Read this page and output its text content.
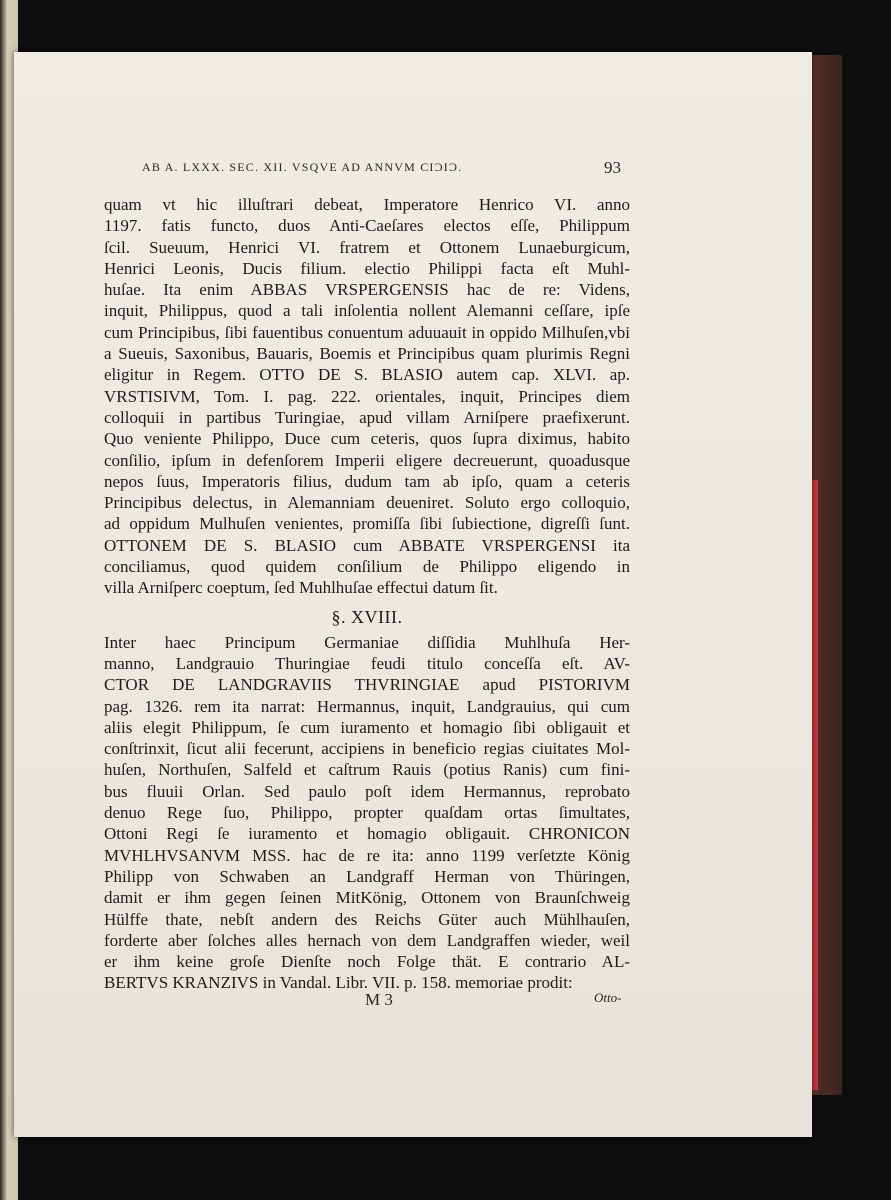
AB A. LXXX. SEC. XII. VSQVE AD ANNVM CIƆIƆ.	93
quam vt hic illuſtrari debeat, Imperatore Henrico VI. anno
1197. fatis functo, duos Anti-Caeſares electos eſſe, Philippum
ſcil. Sueuum, Henrici VI. fratrem et Ottonem Lunaeburgicum,
Henrici Leonis, Ducis filium. electio Philippi facta eſt Muhl-
huſae. Ita enim ABBAS VRSPERGENSIS hac de re: Videns,
inquit, Philippus, quod a tali inſolentia nollent Alemanni ceſſare, ipſe
cum Principibus, ſibi fauentibus conuentum aduuauit in oppido Milhuſen,vbi
a Sueuis, Saxonibus, Bauaris, Boemis et Principibus quam plurimis Regni
eligitur in Regem. OTTO DE S. BLASIO autem cap. XLVI. ap.
VRSTISIVM, Tom. I. pag. 222. orientales, inquit, Principes diem
colloquii in partibus Turingiae, apud villam Arniſpere praefixerunt.
Quo veniente Philippo, Duce cum ceteris, quos ſupra diximus, habito
conſilio, ipſum in defenſorem Imperii eligere decreuerunt, quoadusque
nepos ſuus, Imperatoris filius, dudum tam ab ipſo, quam a ceteris
Principibus delectus, in Alemanniam deueniret. Soluto ergo colloquio,
ad oppidum Mulhuſen venientes, promiſſa ſibi ſubiectione, digreſſi ſunt.
OTTONEM DE S. BLASIO cum ABBATE VRSPERGENSI ita
conciliamus, quod quidem conſilium de Philippo eligendo in
villa Arniſperc coeptum, ſed Muhlhuſae effectui datum ſit.
§. XVIII.
Inter haec Principum Germaniae diſſidia Muhlhuſa Her-
manno, Landgrauio Thuringiae feudi titulo conceſſa eſt. AV-
CTOR DE LANDGRAVIIS THVRINGIAE apud PISTORIVM
pag. 1326. rem ita narrat: Hermannus, inquit, Landgrauius, qui cum
aliis elegit Philippum, ſe cum iuramento et homagio ſibi obligauit et
conſtrinxit, ſicut alii fecerunt, accipiens in beneficio regias ciuitates Mol-
huſen, Northuſen, Salfeld et caſtrum Rauis (potius Ranis) cum fini-
bus fluuii Orlan. Sed paulo poſt idem Hermannus, reprobato
denuo Rege ſuo, Philippo, propter quaſdam ortas ſimultates,
Ottoni Regi ſe iuramento et homagio obligauit. CHRONICON
MVHLHVSANVM MSS. hac de re ita: anno 1199 verſetzte König
Philipp von Schwaben an Landgraff Herman von Thüringen,
damit er ihm gegen ſeinen MitKönig, Ottonem von Braunſchweig
Hülffe thate, nebſt andern des Reichs Güter auch Mühlhauſen,
forderte aber ſolches alles hernach von dem Landgraffen wieder, weil
er ihm keine groſe Dienſte noch Folge thät. E contrario AL-
BERTVS KRANZIVS in Vandal. Libr. VII. p. 158. memoriae prodit:
M 3	Otto-
